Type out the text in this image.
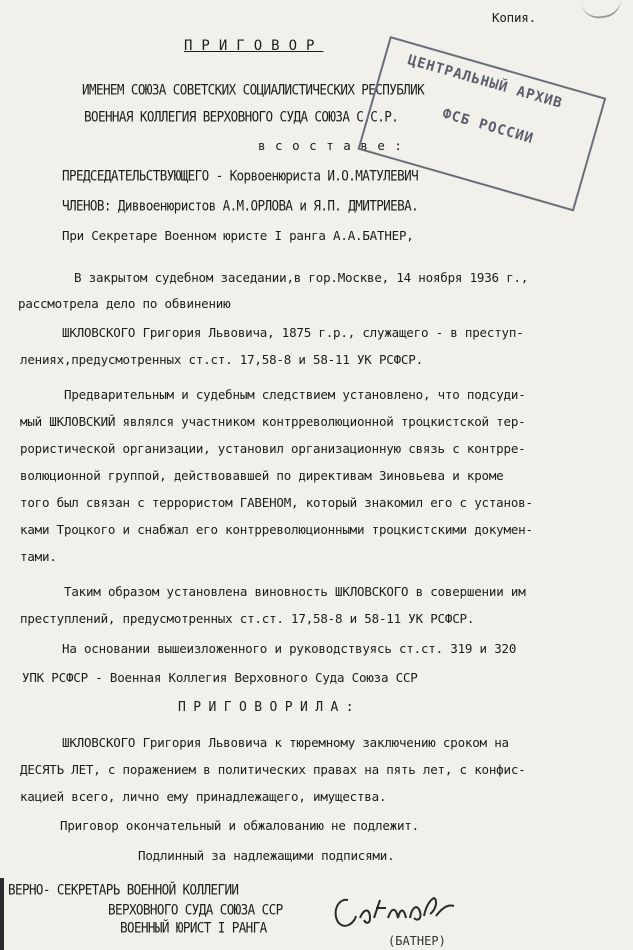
Копия.
ПРИГОВОР
ИМЕНЕМ СОЮЗА СОВЕТСКИХ СОЦИАЛИСТИЧЕСКИХ РЕСПУБЛИК
ВОЕННАЯ КОЛЛЕГИЯ ВЕРХОВНОГО СУДА СОЮЗА С.С.Р.
в с о с т а в е :
ПРЕДСЕДАТЕЛЬСТВУЮЩЕГО - Корвоенюриста И.О.МАТУЛЕВИЧ
ЧЛЕНОВ: Диввоенюристов А.М.ОРЛОВА и Я.П. ДМИТРИЕВА.
При Секретаре Военном юристе I ранга А.А.БАТНЕР,
ЦЕНТРАЛЬНЫЙ АРХИВ
ФСБ РОССИИ
В закрытом судебном заседании,в гор.Москве, 14 ноября 1936 г.,
рассмотрела дело по обвинению
ШКЛОВСКОГО Григория Львовича, 1875 г.р., служащего - в преступ-
лениях,предусмотренных ст.ст. 17,58-8 и 58-11 УК РСФСР.
Предварительным и судебным следствием установлено, что подсуди-
мый ШКЛОВСКИЙ являлся участником контрреволюционной троцкистской тер-
рористической организации, установил организационную связь с контрре-
волюционной группой, действовавшей по директивам Зиновьева и кроме
того был связан с террористом ГАВЕНОМ, который знакомил его с установ-
ками Троцкого и снабжал его контрреволюционными троцкистскими докумен-
тами.
Таким образом установлена виновность ШКЛОВСКОГО в совершении им
преступлений, предусмотренных ст.ст. 17,58-8 и 58-11 УК РСФСР.
На основании вышеизложенного и руководствуясь ст.ст. 319 и 320
УПК РСФСР - Военная Коллегия Верховного Суда Союза ССР
П Р И Г О В О Р И Л А :
ШКЛОВСКОГО Григория Львовича к тюремному заключению сроком на
ДЕСЯТЬ ЛЕТ, с поражением в политических правах на пять лет, с конфис-
кацией всего, лично ему принадлежащего, имущества.
Приговор окончательный и обжалованию не подлежит.
Подлинный за надлежащими подписями.
ВЕРНО- СЕКРЕТАРЬ ВОЕННОЙ КОЛЛЕГИИ
ВЕРХОВНОГО СУДА СОЮЗА ССР
ВОЕННЫЙ ЮРИСТ I РАНГА
(БАТНЕР)
